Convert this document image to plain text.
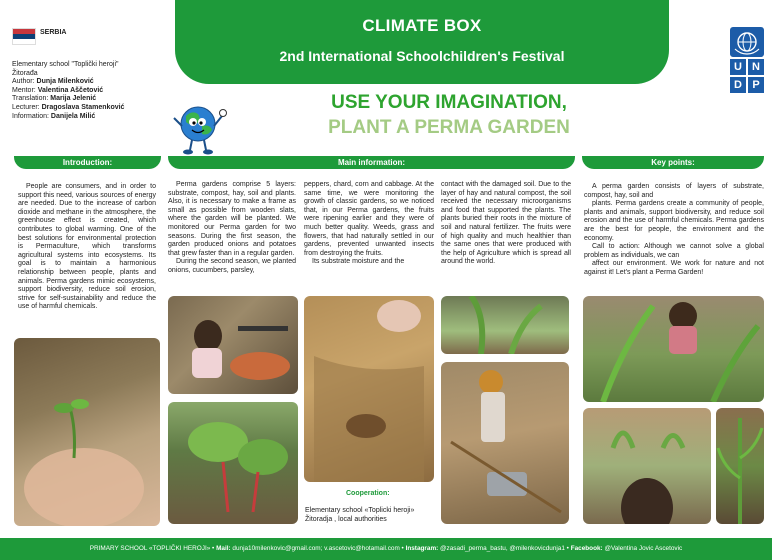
CLIMATE BOX
2nd International Schoolchildren's Festival
SERBIA
Elementary school "Toplički heroji"
Žitorađa
Author: Dunja Milenković
Mentor: Valentina Aščetović
Translation: Marija Jelenić
Lecturer: Dragoslava Stamenković
Information: Danijela Milić
U N
D P
USE YOUR IMAGINATION,
PLANT A PERMA GARDEN
Introduction:	Main information:	Key points:

People are consumers, and in order to support this need, various sources of energy are needed. Due to the increase of carbon dioxide and methane in the atmosphere, the greenhouse effect is created, which contributes to global warming. One of the best solutions for environmental protection is Permaculture, which transforms agricultural systems into ecosystems. Its goal is to maintain a harmonious relationship between people, plants and animals. Perma gardens mimic ecosystems, support biodiversity, reduce soil erosion, strive for self-sustainability and reduce the use of harmful chemicals.

Perma gardens comprise 5 layers: substrate, compost, hay, soil and plants. Also, it is necessary to make a frame as small as possible from wooden slats, where the garden will be planted. We monitored our Perma garden for two seasons. During the first season, the garden produced onions and potatoes that grew faster than in a regular garden.

During the second season, we planted onions, cucumbers, parsley,

peppers, chard, corn and cabbage. At the same time, we were monitoring the growth of classic gardens, so we noticed that, in our Perma gardens, the fruits were ripening earlier and they were of much better quality. Weeds, grass and flowers, that had naturally settled in our gardens, prevented unwanted insects from destroying the fruits.

Its substrate moisture and the

contact with the damaged soil. Due to the layer of hay and natural compost, the soil received the necessary microorganisms and food that supported the plants. The plants buried their roots in the mixture of soil and natural fertilizer. The fruits were of high quality and much healthier than the same ones that were produced with the help of Agriculture which is spread all around the world.

Cooperation:
Elementary school «Toplicki heroji»
Žitoradja , local authorities

A perma garden consists of layers of substrate, compost, hay, soil and

plants. Perma gardens create a community of people, plants and animals, support biodiversity, and reduce soil erosion and the use of harmful chemicals. Perma gardens are the best for people, the environment and the economy.

Call to action: Although we cannot solve a global problem as individuals, we can

affect our environment. We work for nature and not against it! Let's plant a Perma Garden!

PRIMARY SCHOOL «TOPLIČKI HEROJI» • Mail: dunja10milenkovic@gmail.com; v.ascetovic@hotamail.com • Instagram: @zasadi_perma_bastu, @milenkovicdunja1 • Facebook: @Valentina Jovic Ascetovic
